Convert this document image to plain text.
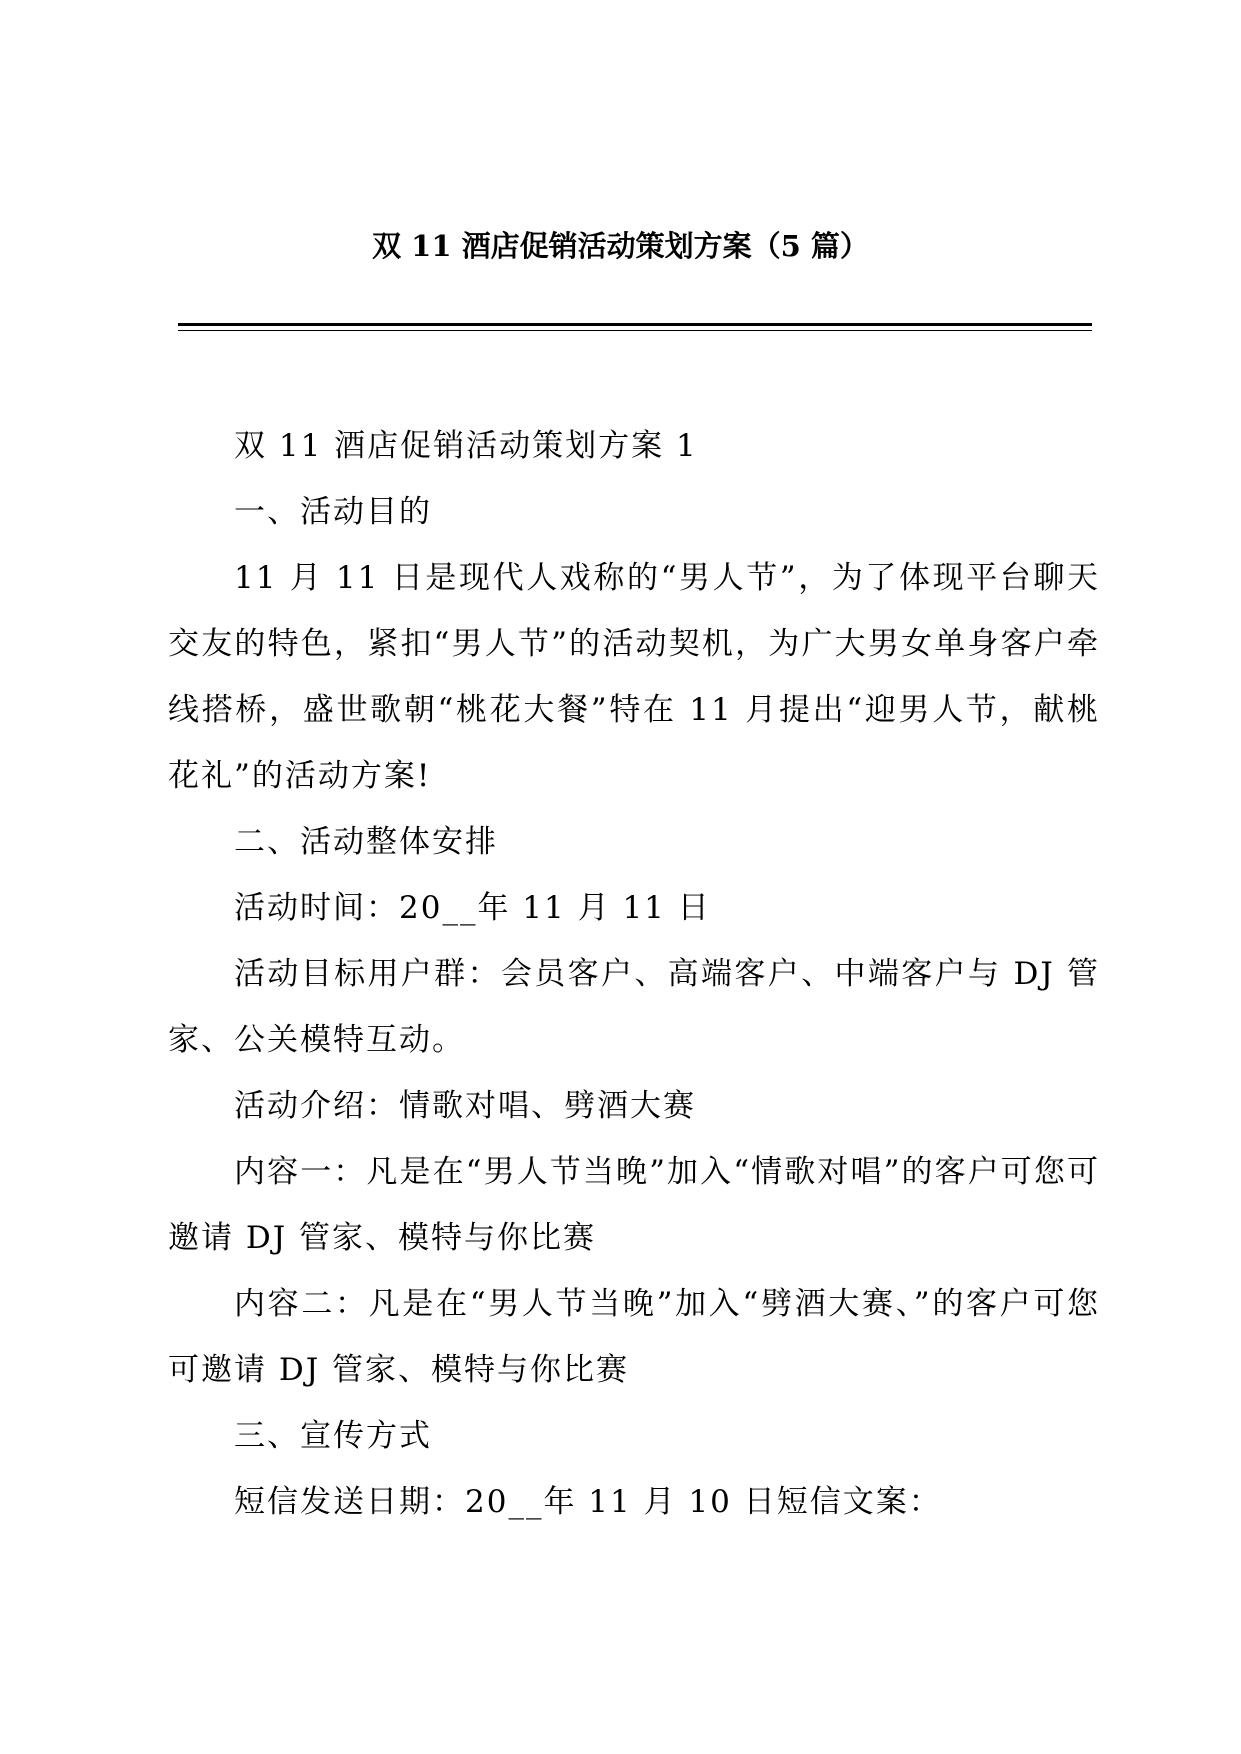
双 11 酒店促销活动策划方案（5 篇）

双 11 酒店促销活动策划方案 1

一、活动目的

11 月 11 日是现代人戏称的“男人节”，为了体现平台聊天交友的特色，紧扣“男人节”的活动契机，为广大男女单身客户牵线搭桥，盛世歌朝“桃花大餐”特在 11 月提出“迎男人节，献桃花礼”的活动方案!

二、活动整体安排

活动时间：20__年 11 月 11 日

活动目标用户群：会员客户、高端客户、中端客户与 DJ 管家、公关模特互动。

活动介绍：情歌对唱、劈酒大赛

内容一：凡是在“男人节当晚”加入“情歌对唱”的客户可您可邀请 DJ 管家、模特与你比赛

内容二：凡是在“男人节当晚”加入“劈酒大赛、”的客户可您可邀请 DJ 管家、模特与你比赛

三、宣传方式

短信发送日期：20__年 11 月 10 日短信文案：
